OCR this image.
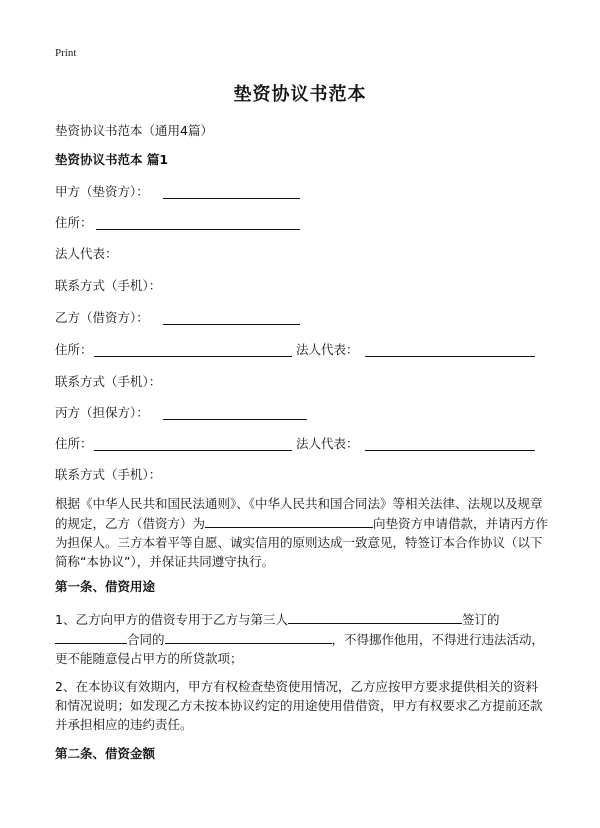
Print
垫资协议书范本
垫资协议书范本（通用4篇）
垫资协议书范本 篇1
甲方（垫资方）：
住所：
法人代表：
联系方式（手机）：
乙方（借资方）：
住所：	法人代表：
联系方式（手机）：
丙方（担保方）：
住所：	法人代表：
联系方式（手机）：
根据《中华人民共和国民法通则》、《中华人民共和国合同法》等相关法律、法规以及规章的规定，乙方（借资方）为	向垫资方申请借款，并请丙方作为担保人。三方本着平等自愿、诚实信用的原则达成一致意见，特签订本合作协议（以下简称“本协议”），并保证共同遵守执行。
第一条、借资用途
1、乙方向甲方的借资专用于乙方与第三人	签订的
合同的	，不得挪作他用，不得进行违法活动，更不能随意侵占甲方的所贷款项；
2、在本协议有效期内，甲方有权检查垫资使用情况，乙方应按甲方要求提供相关的资料和情况说明；如发现乙方未按本协议约定的用途使用借借资，甲方有权要求乙方提前还款并承担相应的违约责任。
第二条、借资金额
